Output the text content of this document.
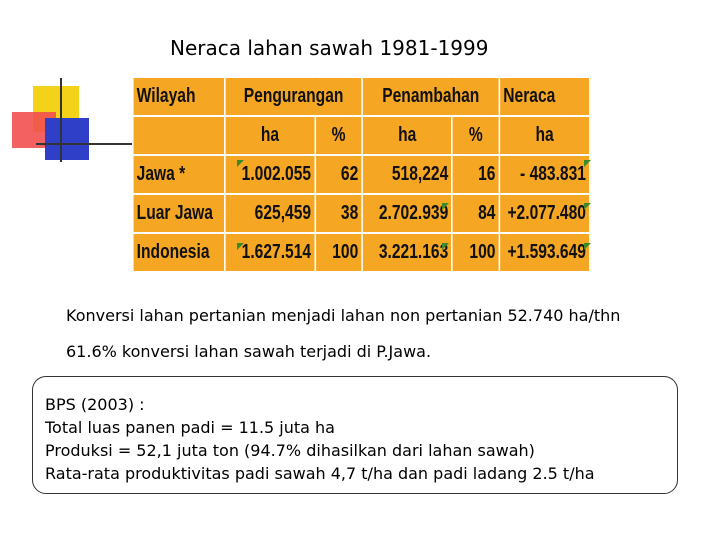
Neraca lahan sawah 1981-1999
Wilayah	Pengurangan		Penambahan		Neraca
	ha	%	ha	%	ha
Jawa *	1.002.055	62	518,224	16	- 483.831
Luar Jawa	625,459	38	2.702.939	84	+2.077.480
Indonesia	1.627.514	100	3.221.163	100	+1.593.649
Konversi lahan pertanian menjadi lahan non pertanian 52.740 ha/thn
61.6% konversi lahan sawah terjadi di P.Jawa.
BPS (2003) :
Total luas panen padi = 11.5 juta ha
Produksi = 52,1 juta ton (94.7% dihasilkan dari lahan sawah)
Rata-rata produktivitas padi sawah 4,7 t/ha dan padi ladang 2.5 t/ha
